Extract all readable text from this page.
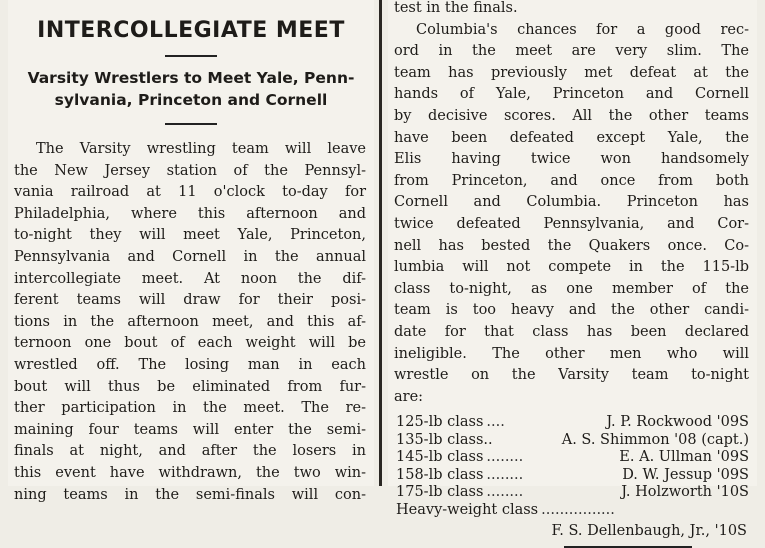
INTERCOLLEGIATE MEET
Varsity Wrestlers to Meet Yale, Penn-
sylvania, Princeton and Cornell
The Varsity wrestling team will leave
the New Jersey station of the Pennsyl-
vania railroad at 11 o'clock to-day for
Philadelphia, where this afternoon and
to-night they will meet Yale, Princeton,
Pennsylvania and Cornell in the annual
intercollegiate meet. At noon the dif-
ferent teams will draw for their posi-
tions in the afternoon meet, and this af-
ternoon one bout of each weight will be
wrestled off. The losing man in each
bout will thus be eliminated from fur-
ther participation in the meet. The re-
maining four teams will enter the semi-
finals at night, and after the losers in
this event have withdrawn, the two win-
ning teams in the semi-finals will con-
test in the finals.
Columbia's chances for a good rec-
ord in the meet are very slim. The
team has previously met defeat at the
hands of Yale, Princeton and Cornell
by decisive scores. All the other teams
have been defeated except Yale, the
Elis having twice won handsomely
from Princeton, and once from both
Cornell and Columbia. Princeton has
twice defeated Pennsylvania, and Cor-
nell has bested the Quakers once. Co-
lumbia will not compete in the 115-lb
class to-night, as one member of the
team is too heavy and the other candi-
date for that class has been declared
ineligible. The other men who will
wrestle on the Varsity team to-night
are:
125-lb class ....	J. P. Rockwood '09S
135-lb class..	A. S. Shimmon '08 (capt.)
145-lb class ........	E. A. Ullman '09S
158-lb class ........	D. W. Jessup '09S
175-lb class ........	J. Holzworth '10S
Heavy-weight class ................
F. S. Dellenbaugh, Jr., '10S
